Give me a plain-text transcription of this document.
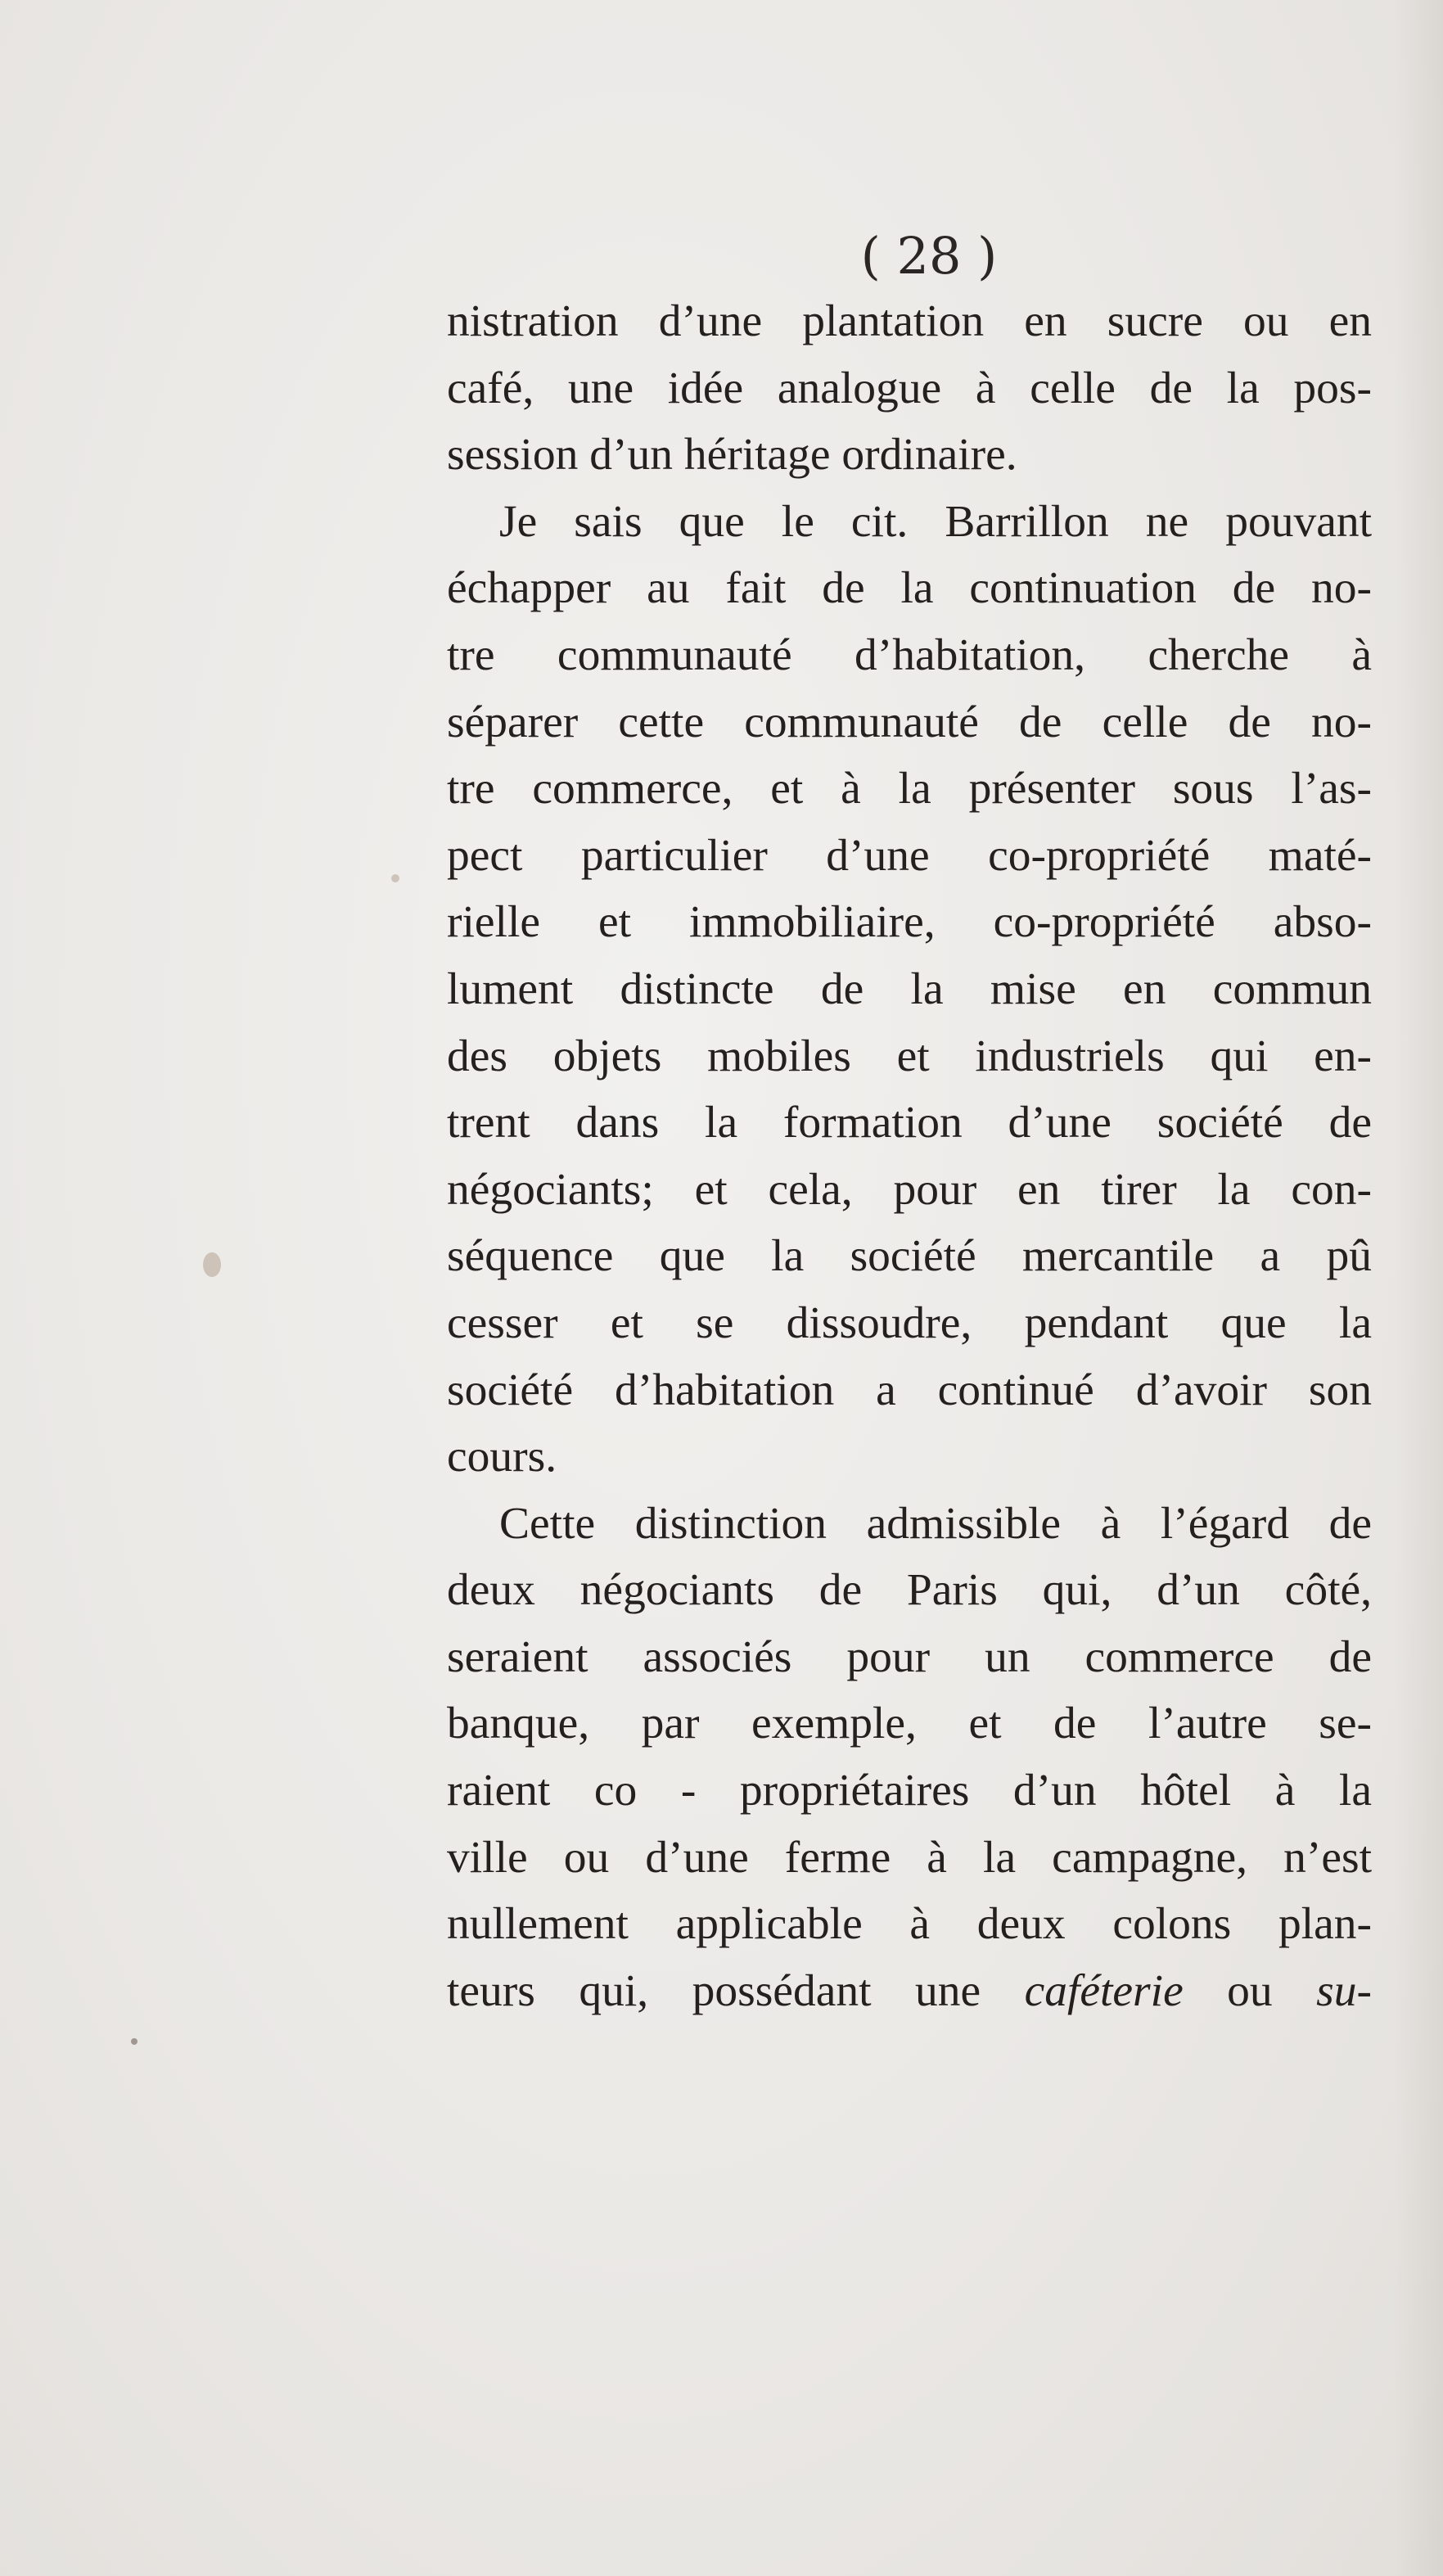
( 28 )
nistration d’une plantation en sucre ou en
café, une idée analogue à celle de la pos-
session d’un héritage ordinaire.
Je sais que le cit. Barrillon ne pouvant
échapper au fait de la continuation de no-
tre communauté d’habitation, cherche à
séparer cette communauté de celle de no-
tre commerce, et à la présenter sous l’as-
pect particulier d’une co-propriété maté-
rielle et immobiliaire, co-propriété abso-
lument distincte de la mise en commun
des objets mobiles et industriels qui en-
trent dans la formation d’une société de
négociants; et cela, pour en tirer la con-
séquence que la société mercantile a pû
cesser et se dissoudre, pendant que la
société d’habitation a continué d’avoir son
cours.
Cette distinction admissible à l’égard de
deux négociants de Paris qui, d’un côté,
seraient associés pour un commerce de
banque, par exemple, et de l’autre se-
raient co - propriétaires d’un hôtel à la
ville ou d’une ferme à la campagne, n’est
nullement applicable à deux colons plan-
teurs qui, possédant une caféterie ou su-
